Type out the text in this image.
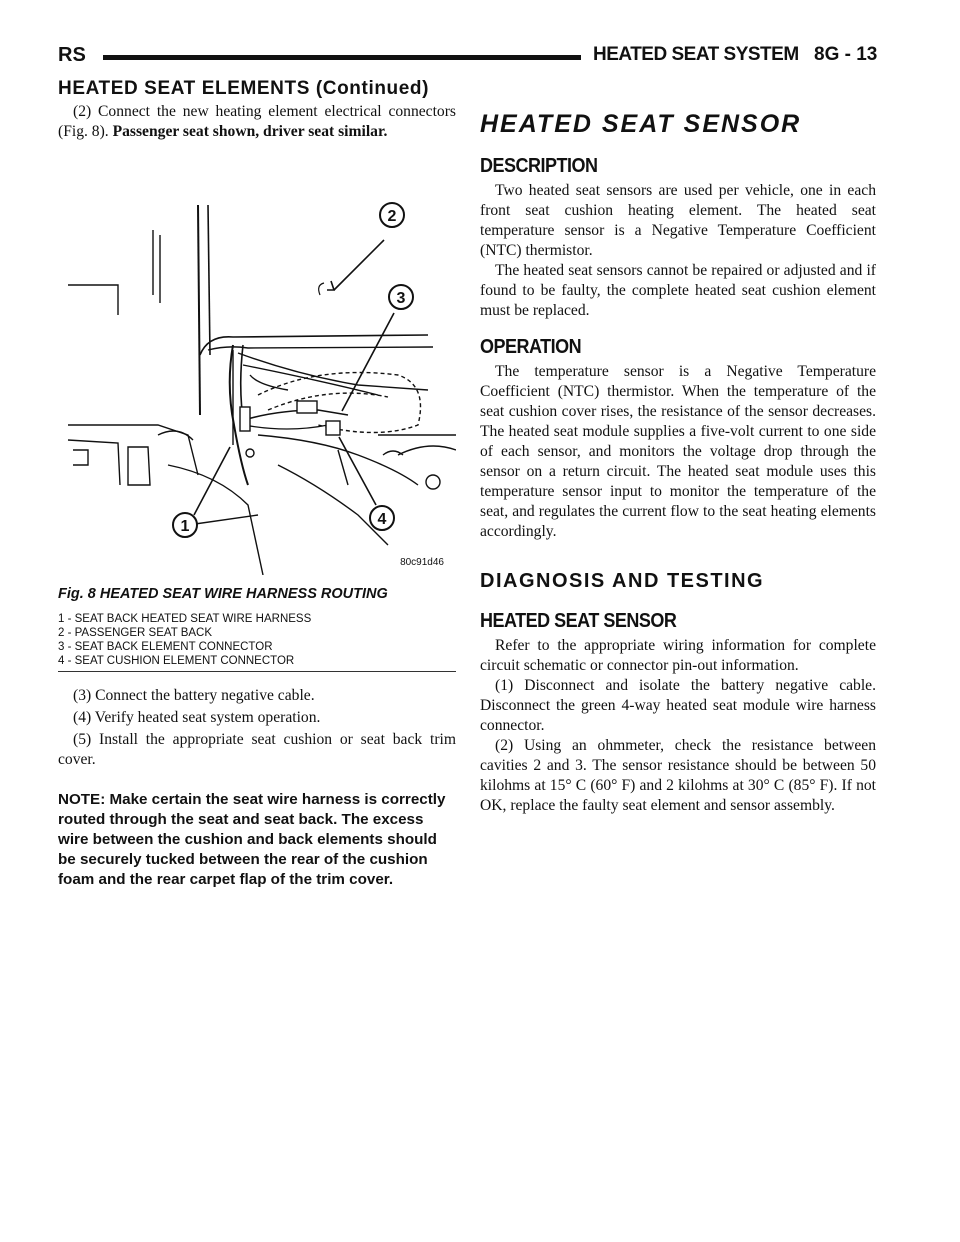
RS	HEATED SEAT SYSTEM 8G - 13
HEATED SEAT ELEMENTS (Continued)

(2) Connect the new heating element electrical connectors (Fig. 8). Passenger seat shown, driver seat similar.

2
3
1	4
80c91d46
Fig. 8 HEATED SEAT WIRE HARNESS ROUTING
1 - SEAT BACK HEATED SEAT WIRE HARNESS
2 - PASSENGER SEAT BACK
3 - SEAT BACK ELEMENT CONNECTOR
4 - SEAT CUSHION ELEMENT CONNECTOR

(3) Connect the battery negative cable.

(4) Verify heated seat system operation.

(5) Install the appropriate seat cushion or seat back trim cover.

NOTE: Make certain the seat wire harness is correctly routed through the seat and seat back. The excess wire between the cushion and back elements should be securely tucked between the rear of the cushion foam and the rear carpet flap of the trim cover.
HEATED SEAT SENSOR
DESCRIPTION

Two heated seat sensors are used per vehicle, one in each front seat cushion heating element. The heated seat temperature sensor is a Negative Temperature Coefficient (NTC) thermistor.

The heated seat sensors cannot be repaired or adjusted and if found to be faulty, the complete heated seat cushion element must be replaced.

OPERATION

The temperature sensor is a Negative Temperature Coefficient (NTC) thermistor. When the temperature of the seat cushion cover rises, the resistance of the sensor decreases. The heated seat module supplies a five-volt current to one side of each sensor, and monitors the voltage drop through the sensor on a return circuit. The heated seat module uses this temperature sensor input to monitor the temperature of the seat, and regulates the current flow to the seat heating elements accordingly.

DIAGNOSIS AND TESTING
HEATED SEAT SENSOR

Refer to the appropriate wiring information for complete circuit schematic or connector pin-out information.

(1) Disconnect and isolate the battery negative cable. Disconnect the green 4-way heated seat module wire harness connector.

(2) Using an ohmmeter, check the resistance between cavities 2 and 3. The sensor resistance should be between 50 kilohms at 15° C (60° F) and 2 kilohms at 30° C (85° F). If not OK, replace the faulty seat element and sensor assembly.
